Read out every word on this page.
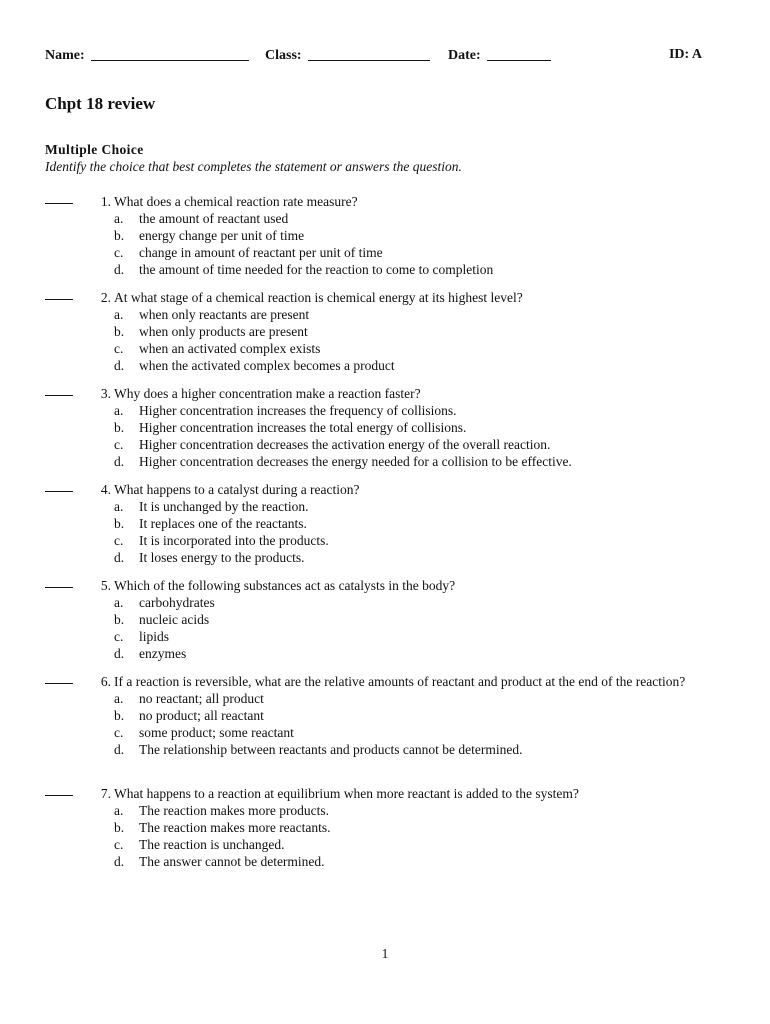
Name:	Class:	Date:	ID: A
Chpt 18 review
Multiple Choice
Identify the choice that best completes the statement or answers the question.
1. What does a chemical reaction rate measure?
a. the amount of reactant used
b. energy change per unit of time
c. change in amount of reactant per unit of time
d. the amount of time needed for the reaction to come to completion
2. At what stage of a chemical reaction is chemical energy at its highest level?
a. when only reactants are present
b. when only products are present
c. when an activated complex exists
d. when the activated complex becomes a product
3. Why does a higher concentration make a reaction faster?
a. Higher concentration increases the frequency of collisions.
b. Higher concentration increases the total energy of collisions.
c. Higher concentration decreases the activation energy of the overall reaction.
d. Higher concentration decreases the energy needed for a collision to be effective.
4. What happens to a catalyst during a reaction?
a. It is unchanged by the reaction.
b. It replaces one of the reactants.
c. It is incorporated into the products.
d. It loses energy to the products.
5. Which of the following substances act as catalysts in the body?
a. carbohydrates
b. nucleic acids
c. lipids
d. enzymes
6. If a reaction is reversible, what are the relative amounts of reactant and product at the end of the reaction?
a. no reactant; all product
b. no product; all reactant
c. some product; some reactant
d. The relationship between reactants and products cannot be determined.
7. What happens to a reaction at equilibrium when more reactant is added to the system?
a. The reaction makes more products.
b. The reaction makes more reactants.
c. The reaction is unchanged.
d. The answer cannot be determined.
1
